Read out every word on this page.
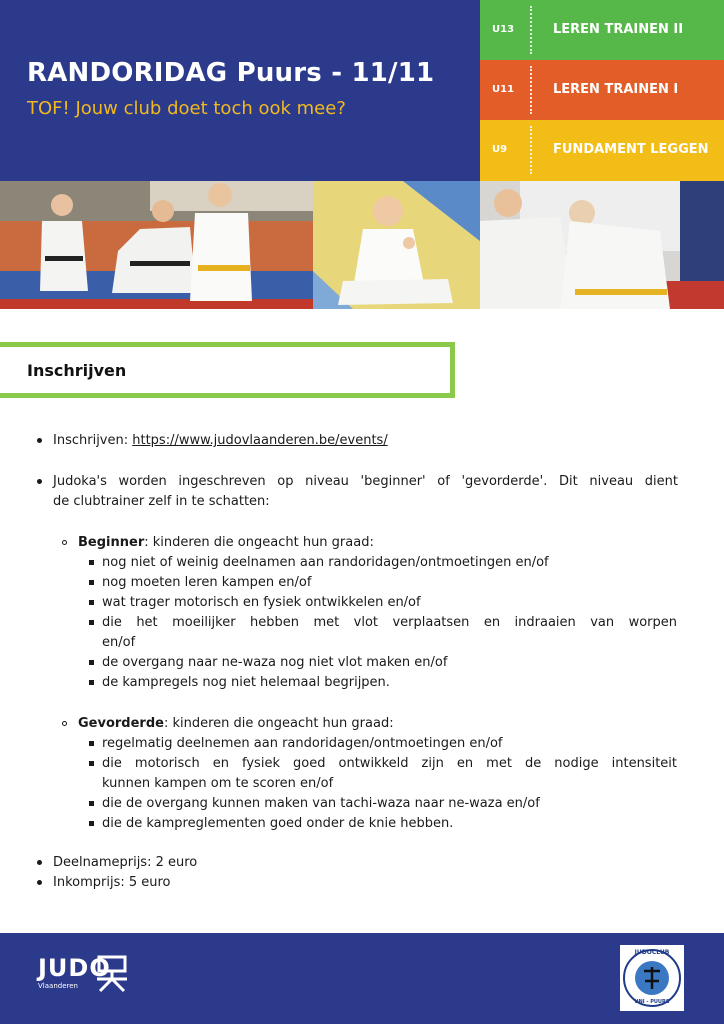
RANDORIDAG Puurs - 11/11
TOF! Jouw club doet toch ook mee?
U13	LEREN TRAINEN II
U11	LEREN TRAINEN I
U9	FUNDAMENT LEGGEN
Inschrijven
Inschrijven: https://www.judovlaanderen.be/events/
Judoka's worden ingeschreven op niveau 'beginner' of 'gevorderde'. Dit niveau dient
de clubtrainer zelf in te schatten:
Beginner: kinderen die ongeacht hun graad:
nog niet of weinig deelnamen aan randoridagen/ontmoetingen en/of
nog moeten leren kampen en/of
wat trager motorisch en fysiek ontwikkelen en/of
die het moeilijker hebben met vlot verplaatsen en indraaien van worpen
en/of
de overgang naar ne-waza nog niet vlot maken en/of
de kampregels nog niet helemaal begrijpen.
Gevorderde: kinderen die ongeacht hun graad:
regelmatig deelnemen aan randoridagen/ontmoetingen en/of
die motorisch en fysiek goed ontwikkeld zijn en met de nodige intensiteit
kunnen kampen om te scoren en/of
die de overgang kunnen maken van tachi-waza naar ne-waza en/of
die de kampreglementen goed onder de knie hebben.
Deelnameprijs: 2 euro
Inkomprijs: 5 euro
JUDO
Vlaanderen
JUDOCLUB
UNI - PUURS
